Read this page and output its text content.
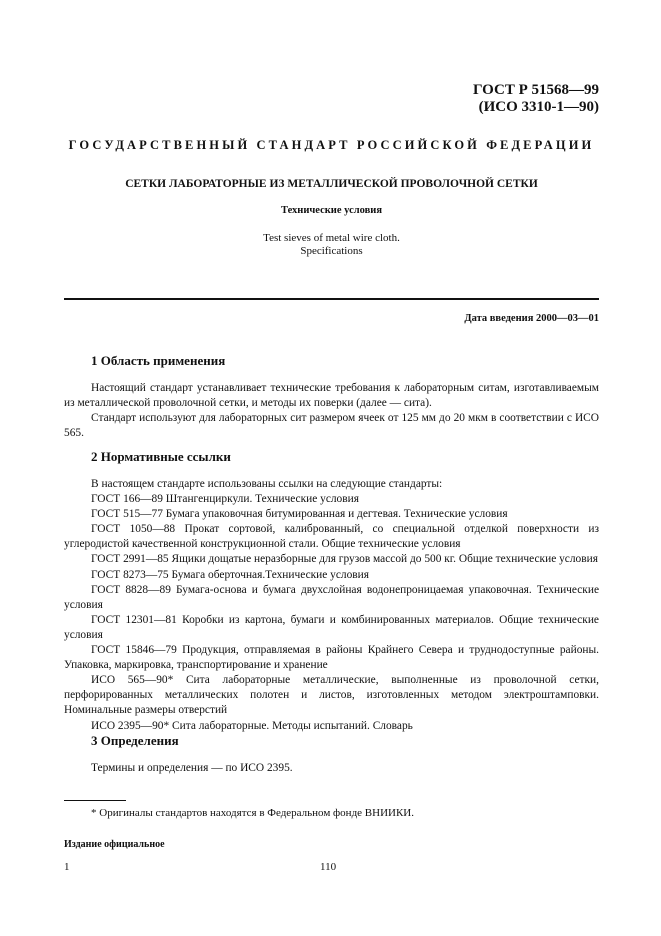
ГОСТ Р 51568—99
(ИСО 3310-1—90)
ГОСУДАРСТВЕННЫЙ СТАНДАРТ РОССИЙСКОЙ ФЕДЕРАЦИИ
СЕТКИ ЛАБОРАТОРНЫЕ ИЗ МЕТАЛЛИЧЕСКОЙ ПРОВОЛОЧНОЙ СЕТКИ
Технические условия
Test sieves of metal wire cloth.
Specifications
Дата введения 2000—03—01
1 Область применения

Настоящий стандарт устанавливает технические требования к лабораторным ситам, изготавливаемым из металлической проволочной сетки, и методы их поверки (далее — сита).

Стандарт используют для лабораторных сит размером ячеек от 125 мм до 20 мкм в соответствии с ИСО 565.

2 Нормативные ссылки

В настоящем стандарте использованы ссылки на следующие стандарты:

ГОСТ 166—89 Штангенциркули. Технические условия

ГОСТ 515—77 Бумага упаковочная битумированная и дегтевая. Технические условия

ГОСТ 1050—88 Прокат сортовой, калиброванный, со специальной отделкой поверхности из углеродистой качественной конструкционной стали. Общие технические условия

ГОСТ 2991—85 Ящики дощатые неразборные для грузов массой до 500 кг. Общие технические условия

ГОСТ 8273—75 Бумага оберточная.Технические условия

ГОСТ 8828—89 Бумага-основа и бумага двухслойная водонепроницаемая упаковочная. Технические условия

ГОСТ 12301—81 Коробки из картона, бумаги и комбинированных материалов. Общие технические условия

ГОСТ 15846—79 Продукция, отправляемая в районы Крайнего Севера и труднодоступные районы. Упаковка, маркировка, транспортирование и хранение

ИСО 565—90* Сита лабораторные металлические, выполненные из проволочной сетки, перфорированных металлических полотен и листов, изготовленных методом электроштамповки. Номинальные размеры отверстий

ИСО 2395—90* Сита лабораторные. Методы испытаний. Словарь

3 Определения

Термины и определения — по ИСО 2395.

* Оригиналы стандартов находятся в Федеральном фонде ВНИИКИ.
Издание официальное
1	110
